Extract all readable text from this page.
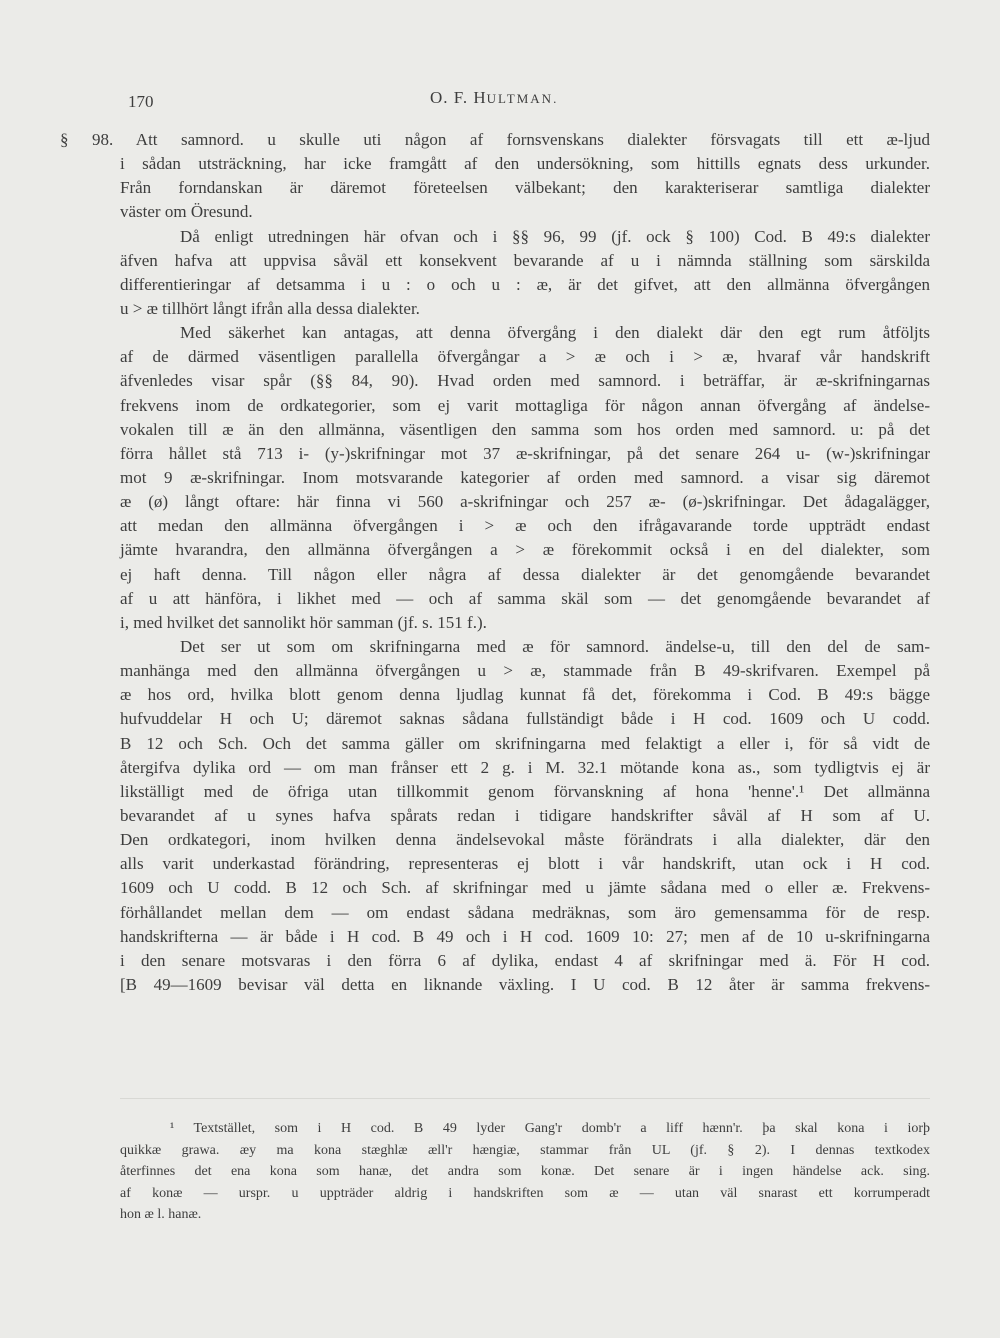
170	O. F. HULTMAN.
§ 98. Att samnord. u skulle uti någon af fornsvenskans dialekter försvagats till ett æ-ljud
i sådan utsträckning, har icke framgått af den undersökning, som hittills egnats dess urkunder.
Från forndanskan är däremot företeelsen välbekant; den karakteriserar samtliga dialekter
väster om Öresund.
Då enligt utredningen här ofvan och i §§ 96, 99 (jf. ock § 100) Cod. B 49:s dialekter
äfven hafva att uppvisa såväl ett konsekvent bevarande af u i nämnda ställning som särskilda
differentieringar af detsamma i u : o och u : æ, är det gifvet, att den allmänna öfvergången
u > æ tillhört långt ifrån alla dessa dialekter.
Med säkerhet kan antagas, att denna öfvergång i den dialekt där den egt rum åtföljts
af de därmed väsentligen parallella öfvergångar a > æ och i > æ, hvaraf vår handskrift
äfvenledes visar spår (§§ 84, 90). Hvad orden med samnord. i beträffar, är æ-skrifningarnas
frekvens inom de ordkategorier, som ej varit mottagliga för någon annan öfvergång af ändelse-
vokalen till æ än den allmänna, väsentligen den samma som hos orden med samnord. u: på det
förra hållet stå 713 i- (y-)skrifningar mot 37 æ-skrifningar, på det senare 264 u- (w-)skrifningar
mot 9 æ-skrifningar. Inom motsvarande kategorier af orden med samnord. a visar sig däremot
æ (ø) långt oftare: här finna vi 560 a-skrifningar och 257 æ- (ø-)skrifningar. Det ådagalägger,
att medan den allmänna öfvergången i > æ och den ifrågavarande torde uppträdt endast
jämte hvarandra, den allmänna öfvergången a > æ förekommit också i en del dialekter, som
ej haft denna. Till någon eller några af dessa dialekter är det genomgående bevarandet
af u att hänföra, i likhet med — och af samma skäl som — det genomgående bevarandet af
i, med hvilket det sannolikt hör samman (jf. s. 151 f.).
Det ser ut som om skrifningarna med æ för samnord. ändelse-u, till den del de sam-
manhänga med den allmänna öfvergången u > æ, stammade från B 49-skrifvaren. Exempel på
æ hos ord, hvilka blott genom denna ljudlag kunnat få det, förekomma i Cod. B 49:s bägge
hufvuddelar H och U; däremot saknas sådana fullständigt både i H cod. 1609 och U codd.
B 12 och Sch. Och det samma gäller om skrifningarna med felaktigt a eller i, för så vidt de
återgifva dylika ord — om man frånser ett 2 g. i M. 32.1 mötande kona as., som tydligtvis ej är
likställigt med de öfriga utan tillkommit genom förvanskning af hona 'henne'.¹ Det allmänna
bevarandet af u synes hafva spårats redan i tidigare handskrifter såväl af H som af U.
Den ordkategori, inom hvilken denna ändelsevokal måste förändrats i alla dialekter, där den
alls varit underkastad förändring, representeras ej blott i vår handskrift, utan ock i H cod.
1609 och U codd. B 12 och Sch. af skrifningar med u jämte sådana med o eller æ. Frekvens-
förhållandet mellan dem — om endast sådana medräknas, som äro gemensamma för de resp.
handskrifterna — är både i H cod. B 49 och i H cod. 1609 10: 27; men af de 10 u-skrifningarna
i den senare motsvaras i den förra 6 af dylika, endast 4 af skrifningar med ä. För H cod.
[B 49—1609 bevisar väl detta en liknande växling. I U cod. B 12 åter är samma frekvens-
¹ Textstället, som i H cod. B 49 lyder Gang'r domb'r a liff hænn'r. þa skal kona i iorþ
quikkæ grawa. æy ma kona stæghlæ æll'r hængiæ, stammar från UL (jf. § 2). I dennas textkodex
återfinnes det ena kona som hanæ, det andra som konæ. Det senare är i ingen händelse ack. sing.
af konæ — urspr. u uppträder aldrig i handskriften som æ — utan väl snarast ett korrumperadt
hon æ l. hanæ.
